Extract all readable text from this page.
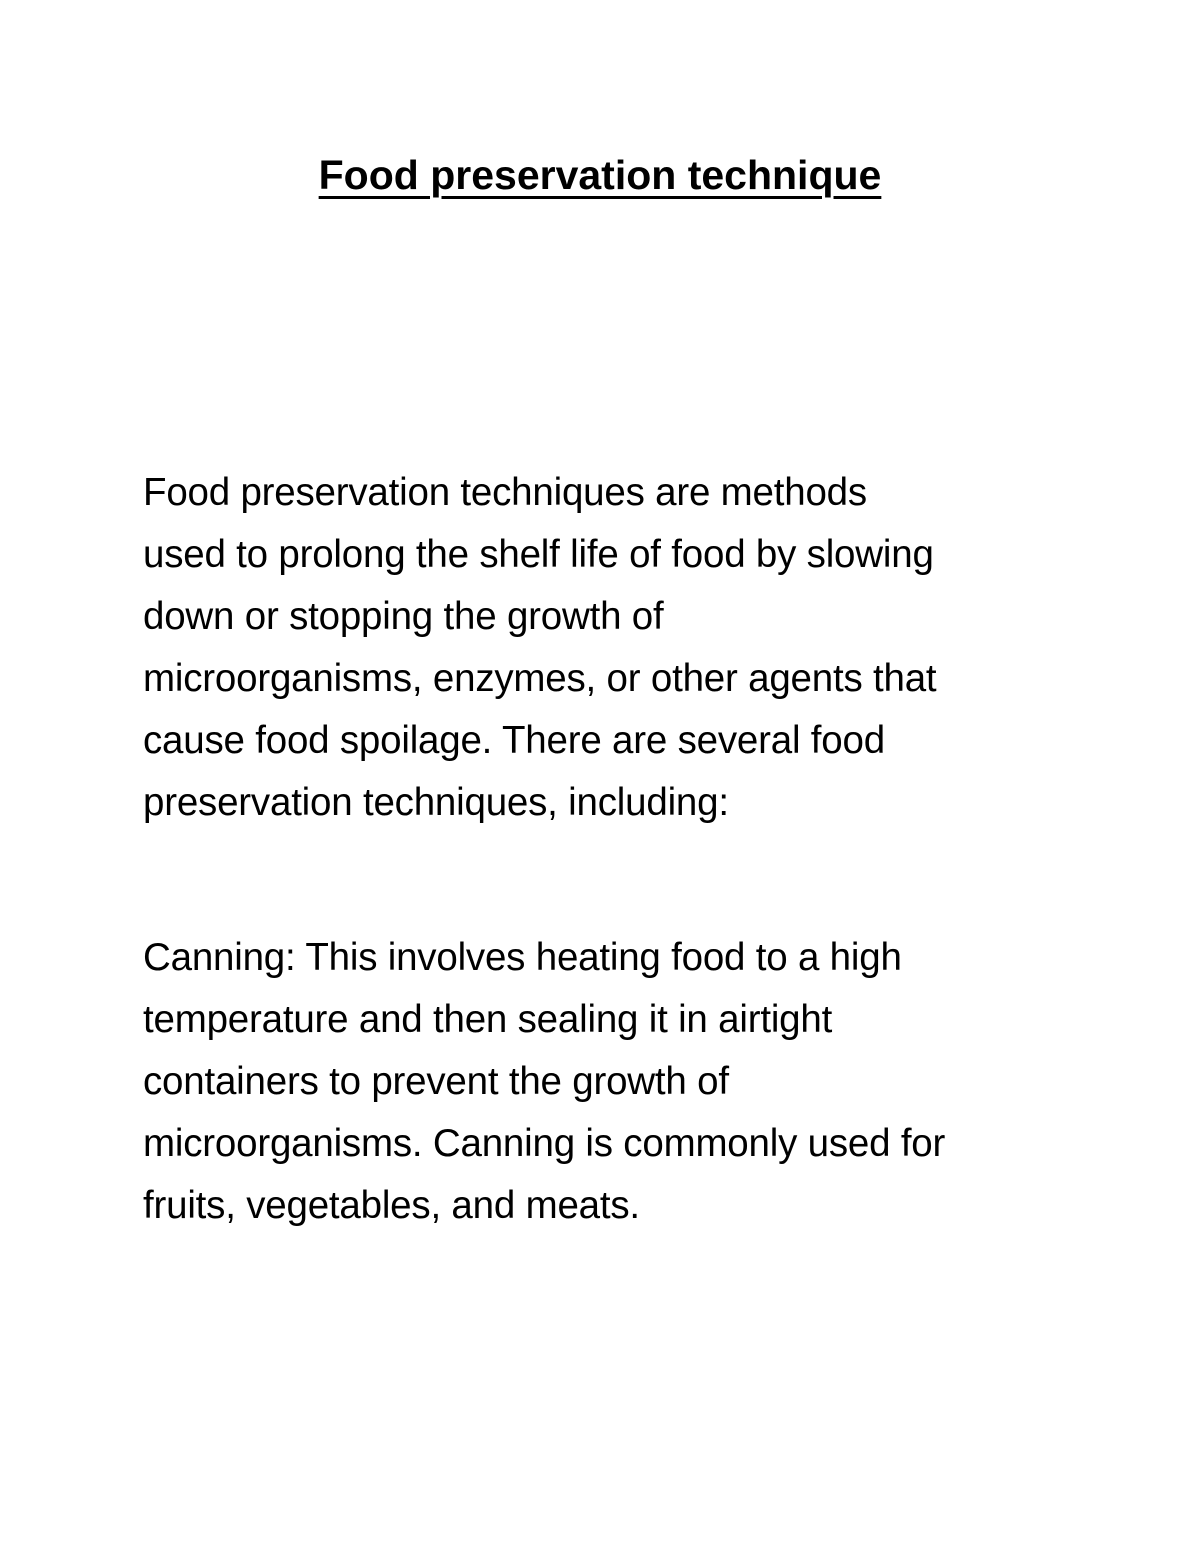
Food preservation technique

Food preservation techniques are methods
used to prolong the shelf life of food by slowing
down or stopping the growth of
microorganisms, enzymes, or other agents that
cause food spoilage. There are several food
preservation techniques, including:

Canning: This involves heating food to a high
temperature and then sealing it in airtight
containers to prevent the growth of
microorganisms. Canning is commonly used for
fruits, vegetables, and meats.
